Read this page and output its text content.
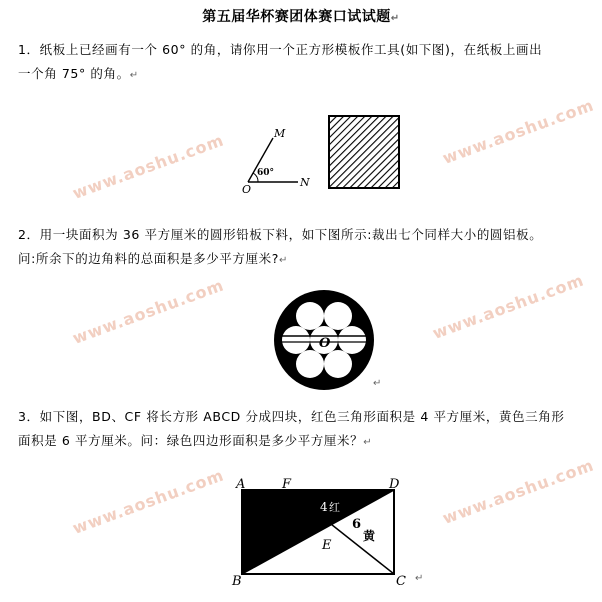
www.aoshu.com	www.aoshu.com
www.aoshu.com	www.aoshu.com
www.aoshu.com	www.aoshu.com
第五届华杯赛团体赛口试试题↵
1．纸板上已经画有一个 60° 的角，请你用一个正方形模板作工具(如下图)，在纸板上画出
一个角 75° 的角。↵
M
O
N
60°
2．用一块面积为 36 平方厘米的圆形铅板下料，如下图所示:裁出七个同样大小的圆铝板。
问:所余下的边角料的总面积是多少平方厘米?↵
O
↵
3．如下图，BD、CF 将长方形 ABCD 分成四块，红色三角形面积是 4 平方厘米，黄色三角形
面积是 6 平方厘米。问：绿色四边形面积是多少平方厘米？↵
A	F	D
B	C
E
4 红
6
黄
↵
